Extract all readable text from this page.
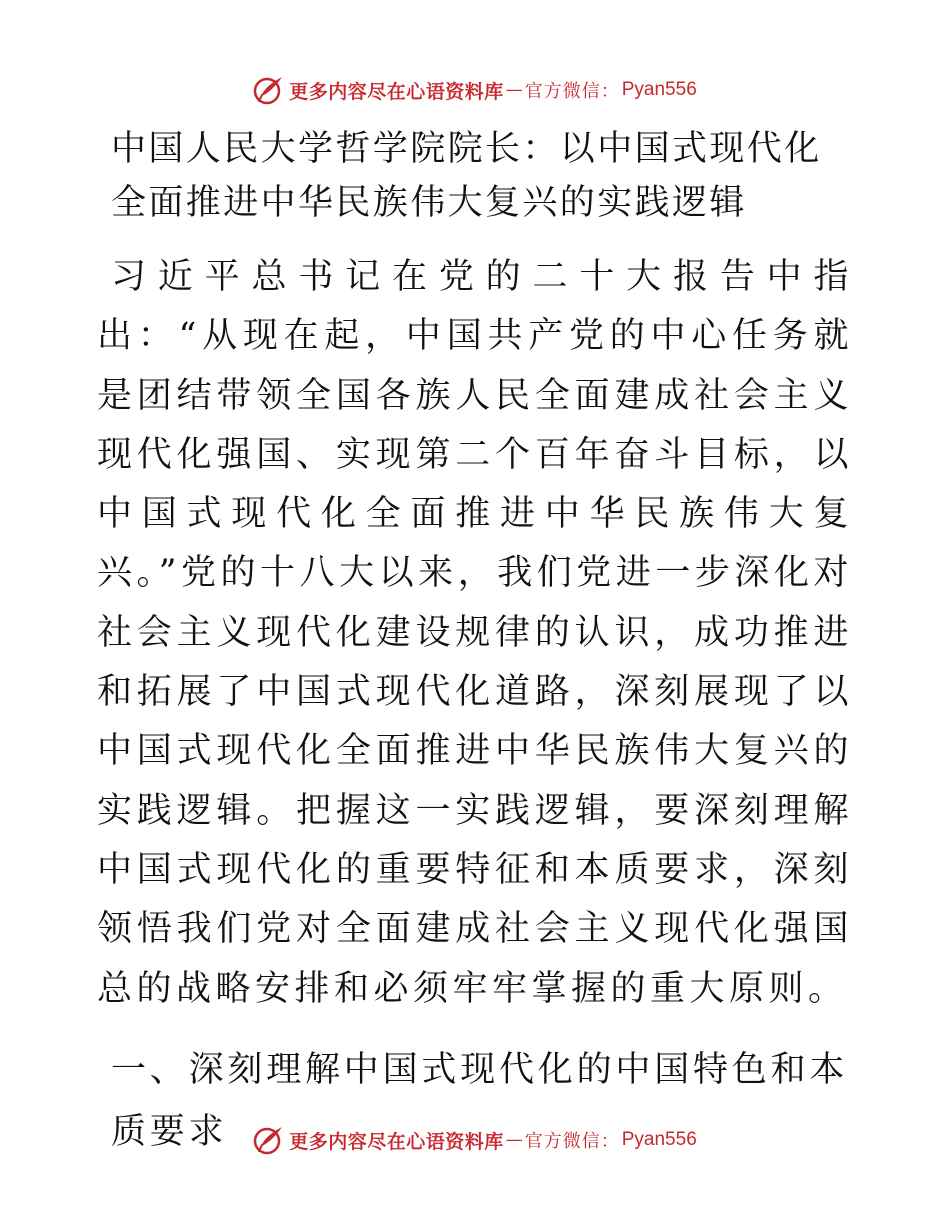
更多内容尽在心语资料库 — 官方微信： Pyan556
中国人民大学哲学院院长：以中国式现代化全面推进中华民族伟大复兴的实践逻辑

习近平总书记在党的二十大报告中指出：“从现在起，中国共产党的中心任务就是团结带领全国各族人民全面建成社会主义现代化强国、实现第二个百年奋斗目标，以中国式现代化全面推进中华民族伟大复兴。”党的十八大以来，我们党进一步深化对社会主义现代化建设规律的认识，成功推进和拓展了中国式现代化道路，深刻展现了以中国式现代化全面推进中华民族伟大复兴的实践逻辑。把握这一实践逻辑，要深刻理解中国式现代化的重要特征和本质要求，深刻领悟我们党对全面建成社会主义现代化强国总的战略安排和必须牢牢掌握的重大原则。

一、深刻理解中国式现代化的中国特色和本质要求	更多内容尽在心语资料库 — 官方微信： Pyan556
